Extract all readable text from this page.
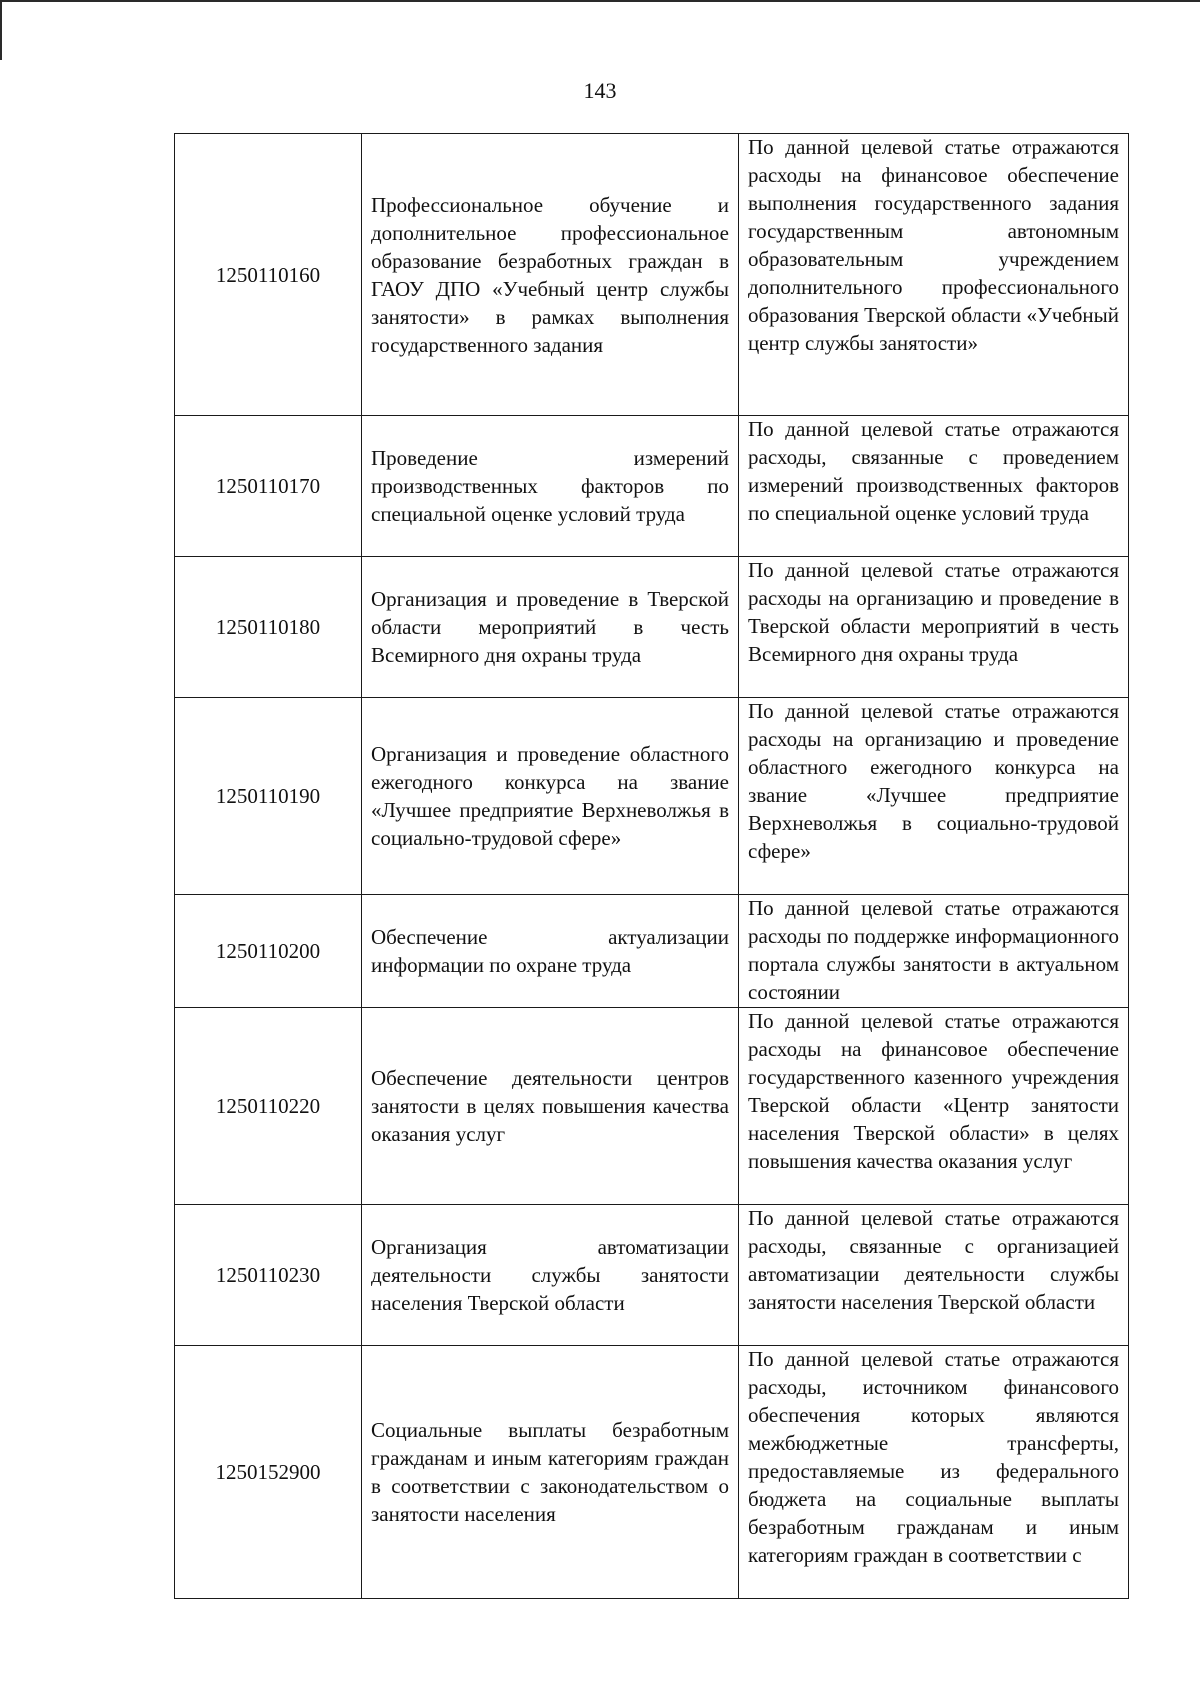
143
1250110160	Профессиональное обучение и дополнительное профессиональное образование безработных граждан в ГАОУ ДПО «Учебный центр службы занятости» в рамках выполнения государственного задания	По данной целевой статье отражаются расходы на финансовое обеспечение выполнения государственного задания государственным автономным образовательным учреждением дополнительного профессионального образования Тверской области «Учебный центр службы занятости»

1250110170	Проведение измерений производственных факторов по специальной оценке условий труда	По данной целевой статье отражаются расходы, связанные с проведением измерений производственных факторов по специальной оценке условий труда

1250110180	Организация и проведение в Тверской области мероприятий в честь Всемирного дня охраны труда	По данной целевой статье отражаются расходы на организацию и проведение в Тверской области мероприятий в честь Всемирного дня охраны труда

1250110190	Организация и проведение областного ежегодного конкурса на звание «Лучшее предприятие Верхневолжья в социально-трудовой сфере»	По данной целевой статье отражаются расходы на организацию и проведение областного ежегодного конкурса на звание «Лучшее предприятие Верхневолжья в социально-трудовой сфере»

1250110200	Обеспечение актуализации информации по охране труда	По данной целевой статье отражаются расходы по поддержке информационного портала службы занятости в актуальном состоянии

1250110220	Обеспечение деятельности центров занятости в целях повышения качества оказания услуг	По данной целевой статье отражаются расходы на финансовое обеспечение государственного казенного учреждения Тверской области «Центр занятости населения Тверской области» в целях повышения качества оказания услуг

1250110230	Организация автоматизации деятельности службы занятости населения Тверской области	По данной целевой статье отражаются расходы, связанные с организацией автоматизации деятельности службы занятости населения Тверской области

1250152900	Социальные выплаты безработным гражданам и иным категориям граждан в соответствии с законодательством о занятости населения	По данной целевой статье отражаются расходы, источником финансового обеспечения которых являются межбюджетные трансферты, предоставляемые из федерального бюджета на социальные выплаты безработным гражданам и иным категориям граждан в соответствии с
